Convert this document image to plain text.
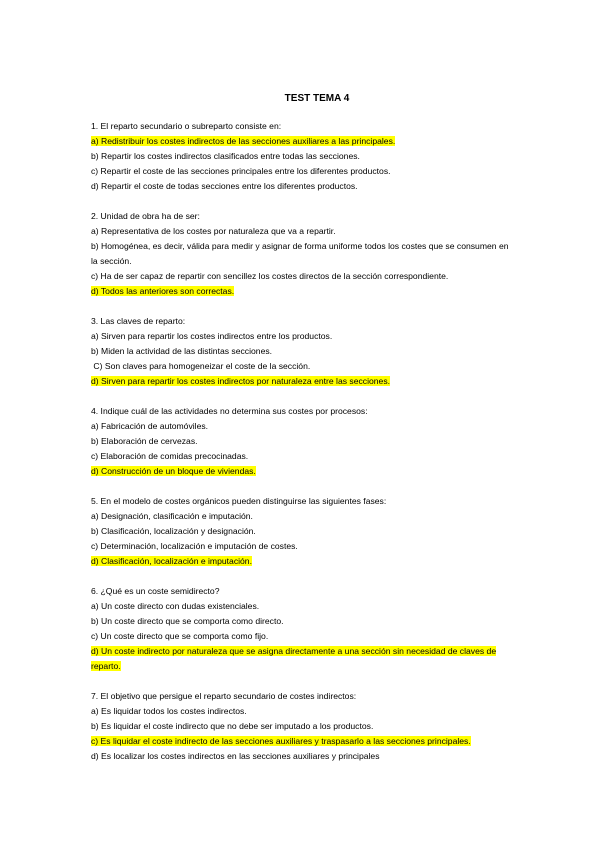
TEST TEMA 4
1. El reparto secundario o subreparto consiste en:
a) Redistribuir los costes indirectos de las secciones auxiliares a las principales.
b) Repartir los costes indirectos clasificados entre todas las secciones.
c) Repartir el coste de las secciones principales entre los diferentes productos.
d) Repartir el coste de todas secciones entre los diferentes productos.
2. Unidad de obra ha de ser:
a) Representativa de los costes por naturaleza que va a repartir.
b) Homogénea, es decir, válida para medir y asignar de forma uniforme todos los costes que se consumen en la sección.
c) Ha de ser capaz de repartir con sencillez los costes directos de la sección correspondiente.
d) Todos las anteriores son correctas.
3. Las claves de reparto:
a) Sirven para repartir los costes indirectos entre los productos.
b) Miden la actividad de las distintas secciones.
C) Son claves para homogeneizar el coste de la sección.
d) Sirven para repartir los costes indirectos por naturaleza entre las secciones.
4. Indique cuál de las actividades no determina sus costes por procesos:
a) Fabricación de automóviles.
b) Elaboración de cervezas.
c) Elaboración de comidas precocinadas.
d) Construcción de un bloque de viviendas.
5. En el modelo de costes orgánicos pueden distinguirse las siguientes fases:
a) Designación, clasificación e imputación.
b) Clasificación, localización y designación.
c) Determinación, localización e imputación de costes.
d) Clasificación, localización e imputación.
6. ¿Qué es un coste semidirecto?
a) Un coste directo con dudas existenciales.
b) Un coste directo que se comporta como directo.
c) Un coste directo que se comporta como fijo.
d) Un coste indirecto por naturaleza que se asigna directamente a una sección sin necesidad de claves de reparto.
7. El objetivo que persigue el reparto secundario de costes indirectos:
a) Es liquidar todos los costes indirectos.
b) Es liquidar el coste indirecto que no debe ser imputado a los productos.
c) Es liquidar el coste indirecto de las secciones auxiliares y traspasarlo a las secciones principales.
d) Es localizar los costes indirectos en las secciones auxiliares y principales
